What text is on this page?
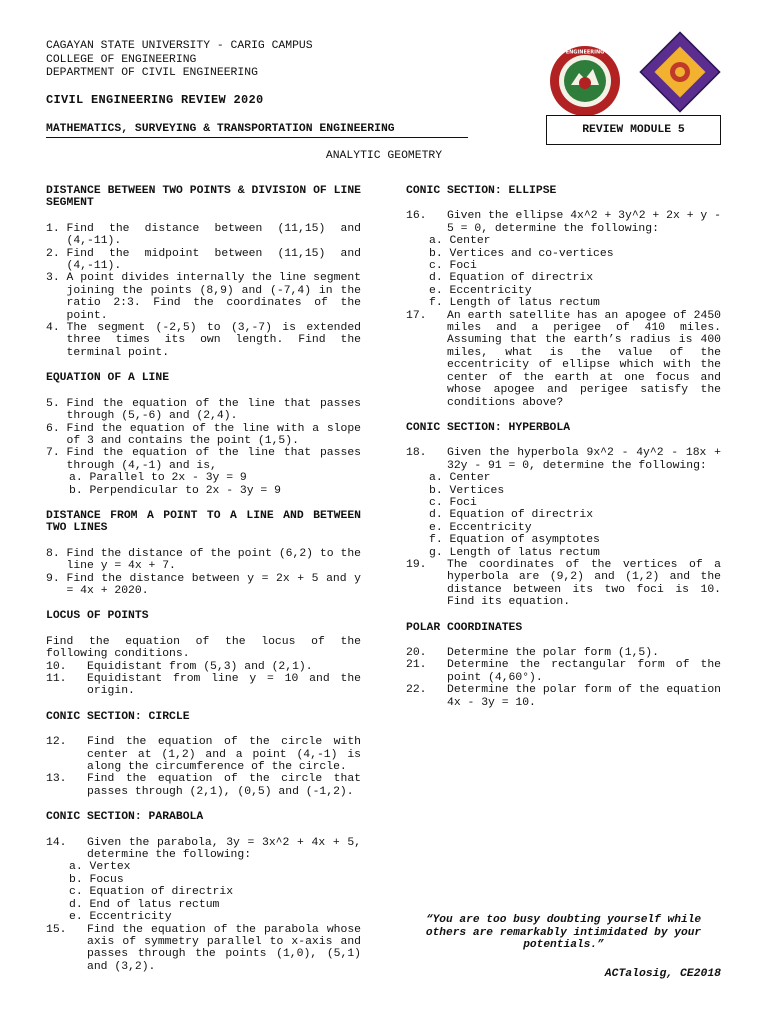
CAGAYAN STATE UNIVERSITY - CARIG CAMPUS
COLLEGE OF ENGINEERING
DEPARTMENT OF CIVIL ENGINEERING
ENGINEERING
CIVIL ENGINEERING REVIEW 2020
MATHEMATICS, SURVEYING & TRANSPORTATION ENGINEERING	REVIEW MODULE 5
ANALYTIC GEOMETRY
DISTANCE BETWEEN TWO POINTS & DIVISION OF LINE SEGMENT
1. Find the distance between (11,15) and (4,-11).
2. Find the midpoint between (11,15) and (4,-11).
3. A point divides internally the line segment joining the points (8,9) and (-7,4) in the ratio 2:3. Find the coordinates of the point.
4. The segment (-2,5) to (3,-7) is extended three times its own length. Find the terminal point.
EQUATION OF A LINE
5. Find the equation of the line that passes through (5,-6) and (2,4).
6. Find the equation of the line with a slope of 3 and contains the point (1,5).
7. Find the equation of the line that passes through (4,-1) and is,
a. Parallel to 2x - 3y = 9
b. Perpendicular to 2x - 3y = 9
DISTANCE FROM A POINT TO A LINE AND BETWEEN TWO LINES
8. Find the distance of the point (6,2) to the line y = 4x + 7.
9. Find the distance between y = 2x + 5 and y = 4x + 2020.
LOCUS OF POINTS
Find the equation of the locus of the following conditions.
10. Equidistant from (5,3) and (2,1).
11. Equidistant from line y = 10 and the origin.
CONIC SECTION: CIRCLE
12. Find the equation of the circle with center at (1,2) and a point (4,-1) is along the circumference of the circle.
13. Find the equation of the circle that passes through (2,1), (0,5) and (-1,2).
CONIC SECTION: PARABOLA
14. Given the parabola, 3y = 3x^2 + 4x + 5, determine the following:
a. Vertex
b. Focus
c. Equation of directrix
d. End of latus rectum
e. Eccentricity
15. Find the equation of the parabola whose axis of symmetry parallel to x-axis and passes through the points (1,0), (5,1) and (3,2).
CONIC SECTION: ELLIPSE
16. Given the ellipse 4x^2 + 3y^2 + 2x + y - 5 = 0, determine the following:
a. Center
b. Vertices and co-vertices
c. Foci
d. Equation of directrix
e. Eccentricity
f. Length of latus rectum
17. An earth satellite has an apogee of 2450 miles and a perigee of 410 miles. Assuming that the earth’s radius is 400 miles, what is the value of the eccentricity of ellipse which with the center of the earth at one focus and whose apogee and perigee satisfy the conditions above?
CONIC SECTION: HYPERBOLA
18. Given the hyperbola 9x^2 - 4y^2 - 18x + 32y - 91 = 0, determine the following:
a. Center
b. Vertices
c. Foci
d. Equation of directrix
e. Eccentricity
f. Equation of asymptotes
g. Length of latus rectum
19. The coordinates of the vertices of a hyperbola are (9,2) and (1,2) and the distance between its two foci is 10. Find its equation.
POLAR COORDINATES
20. Determine the polar form (1,5).
21. Determine the rectangular form of the point (4,60°).
22. Determine the polar form of the equation 4x - 3y = 10.
“You are too busy doubting yourself while others are remarkably intimidated by your potentials.”
ACTalosig, CE2018
